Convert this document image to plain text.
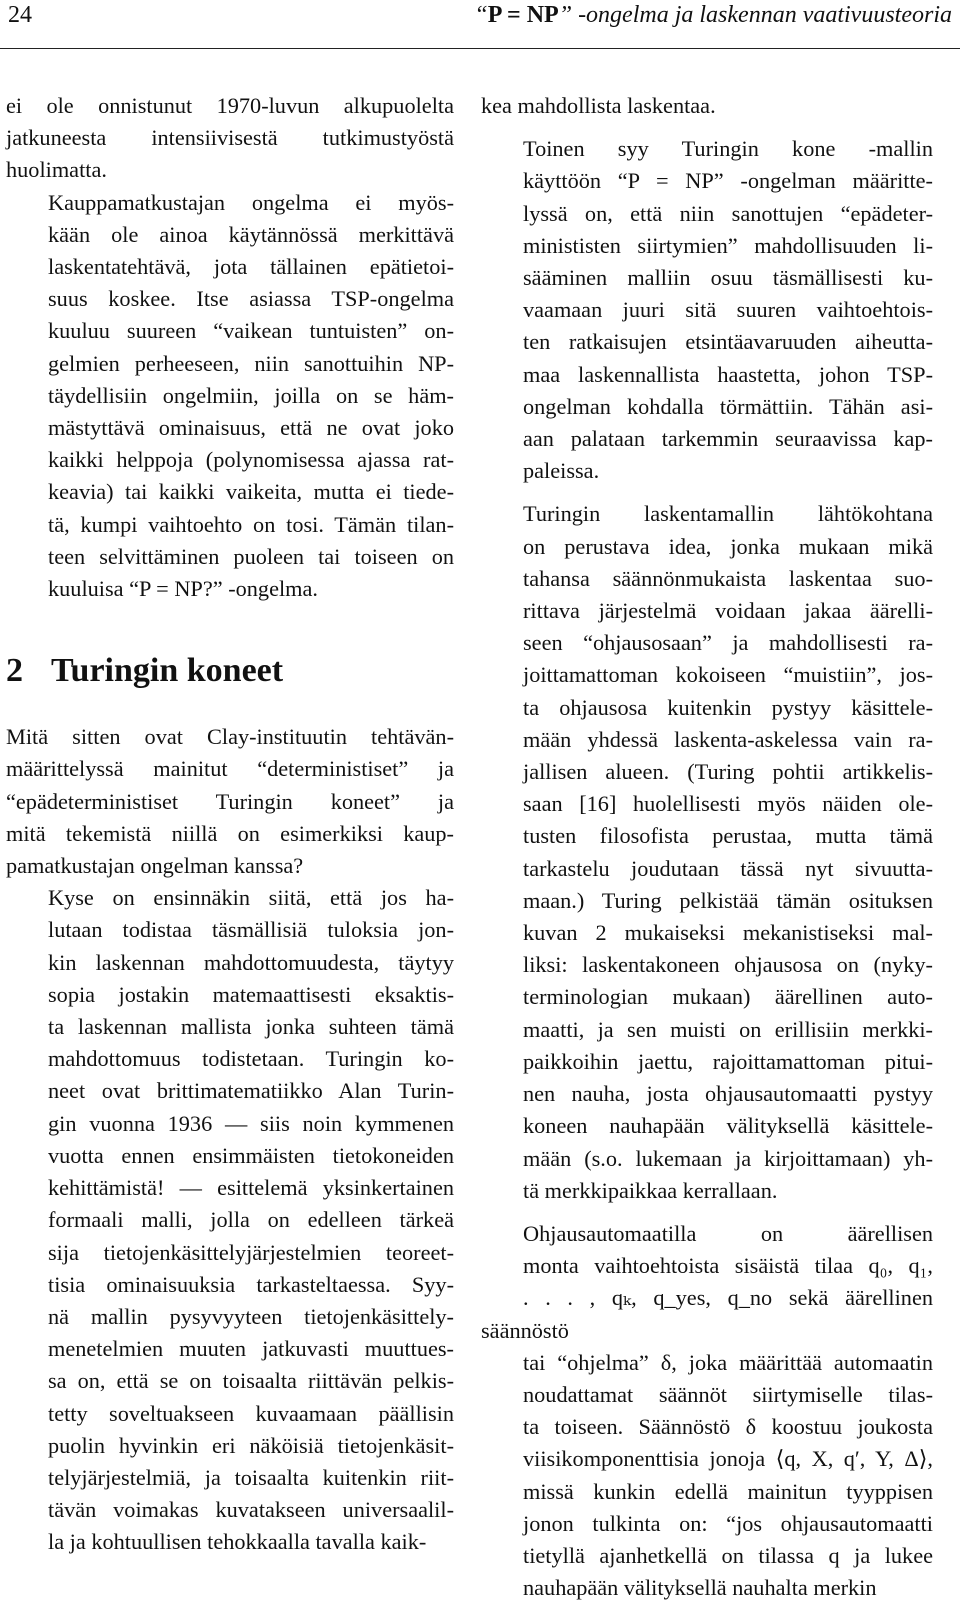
24	“P = NP” -ongelma ja laskennan vaativuusteoria
ei ole onnistunut 1970-luvun alkupuolelta
jatkuneesta intensiivisestä tutkimustyöstä
huolimatta.
Kauppamatkustajan ongelma ei myös-
kään ole ainoa käytännössä merkittävä
laskentatehtävä, jota tällainen epätietoi-
suus koskee. Itse asiassa TSP-ongelma
kuuluu suureen “vaikean tuntuisten” on-
gelmien perheeseen, niin sanottuihin NP-
täydellisiin ongelmiin, joilla on se häm-
mästyttävä ominaisuus, että ne ovat joko
kaikki helppoja (polynomisessa ajassa rat-
keavia) tai kaikki vaikeita, mutta ei tiede-
tä, kumpi vaihtoehto on tosi. Tämän tilan-
teen selvittäminen puoleen tai toiseen on
kuuluisa “P = NP?” -ongelma.
2 Turingin koneet
Mitä sitten ovat Clay-instituutin tehtävän-
määrittelyssä mainitut “deterministiset” ja
“epädeterministiset Turingin koneet” ja
mitä tekemistä niillä on esimerkiksi kaup-
pamatkustajan ongelman kanssa?
Kyse on ensinnäkin siitä, että jos ha-
lutaan todistaa täsmällisiä tuloksia jon-
kin laskennan mahdottomuudesta, täytyy
sopia jostakin matemaattisesti eksaktis-
ta laskennan mallista jonka suhteen tämä
mahdottomuus todistetaan. Turingin ko-
neet ovat brittimatematiikko Alan Turin-
gin vuonna 1936 — siis noin kymmenen
vuotta ennen ensimmäisten tietokoneiden
kehittämistä! — esittelemä yksinkertainen
formaali malli, jolla on edelleen tärkeä
sija tietojenkäsittelyjärjestelmien teoreet-
tisia ominaisuuksia tarkasteltaessa. Syy-
nä mallin pysyvyyteen tietojenkäsittely-
menetelmien muuten jatkuvasti muuttues-
sa on, että se on toisaalta riittävän pelkis-
tetty soveltuakseen kuvaamaan päällisin
puolin hyvinkin eri näköisiä tietojenkäsit-
telyjärjestelmiä, ja toisaalta kuitenkin riit-
tävän voimakas kuvatakseen universaalil-
la ja kohtuullisen tehokkaalla tavalla kaik-
kea mahdollista laskentaa.
Toinen syy Turingin kone -mallin
käyttöön “P = NP” -ongelman määritte-
lyssä on, että niin sanottujen “epädeter-
minististen siirtymien” mahdollisuuden li-
sääminen malliin osuu täsmällisesti ku-
vaamaan juuri sitä suuren vaihtoehtois-
ten ratkaisujen etsintäavaruuden aiheutta-
maa laskennallista haastetta, johon TSP-
ongelman kohdalla törmättiin. Tähän asi-
aan palataan tarkemmin seuraavissa kap-
paleissa.
Turingin laskentamallin lähtökohtana
on perustava idea, jonka mukaan mikä
tahansa säännönmukaista laskentaa suo-
rittava järjestelmä voidaan jakaa äärelli-
seen “ohjausosaan” ja mahdollisesti ra-
joittamattoman kokoiseen “muistiin”, jos-
ta ohjausosa kuitenkin pystyy käsittele-
mään yhdessä laskenta-askelessa vain ra-
jallisen alueen. (Turing pohtii artikkelis-
saan [16] huolellisesti myös näiden ole-
tusten filosofista perustaa, mutta tämä
tarkastelu joudutaan tässä nyt sivuutta-
maan.) Turing pelkistää tämän osituksen
kuvan 2 mukaiseksi mekanistiseksi mal-
liksi: laskentakoneen ohjausosa on (nyky-
terminologian mukaan) äärellinen auto-
maatti, ja sen muisti on erillisiin merkki-
paikkoihin jaettu, rajoittamattoman pitui-
nen nauha, josta ohjausautomaatti pystyy
koneen nauhapään välityksellä käsittele-
mään (s.o. lukemaan ja kirjoittamaan) yh-
tä merkkipaikkaa kerrallaan.
Ohjausautomaatilla on äärellisen
monta vaihtoehtoista sisäistä tilaa q₀, q₁,
. . . , qₖ, q_yes, q_no sekä äärellinen säännöstö
tai “ohjelma” δ, joka määrittää automaatin
noudattamat säännöt siirtymiselle tilas-
ta toiseen. Säännöstö δ koostuu joukosta
viisikomponenttisia jonoja ⟨q, X, q′, Y, Δ⟩,
missä kunkin edellä mainitun tyyppisen
jonon tulkinta on: “jos ohjausautomaatti
tietyllä ajanhetkellä on tilassa q ja lukee
nauhapään välityksellä nauhalta merkin
